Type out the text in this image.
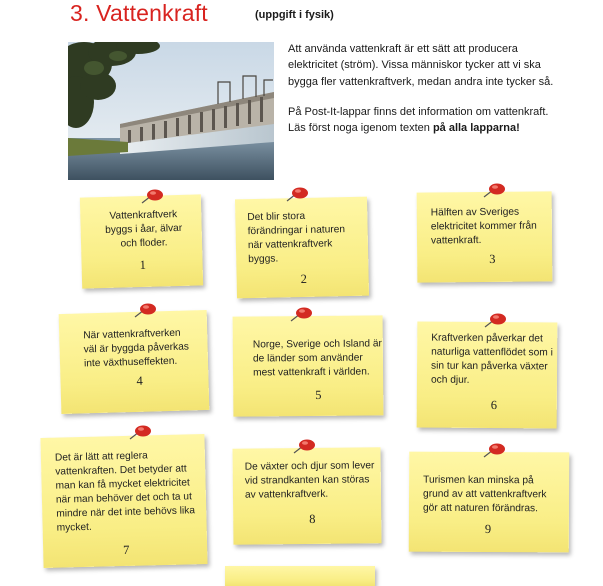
3. Vattenkraft	(uppgift i fysik)

Att använda vattenkraft är ett sätt att producera elektricitet (ström). Vissa människor tycker att vi ska bygga fler vattenkraftverk, medan andra inte tycker så.

På Post-It-lappar finns det information om vattenkraft. Läs först noga igenom texten på alla lapparna!

Vattenkraftverk byggs i åar, älvar och floder.
1
Det blir stora förändringar i naturen när vattenkraftverk byggs.
2
Hälften av Sveriges elektricitet kommer från vattenkraft.
3
När vattenkraftverken väl är byggda påverkas inte växthuseffekten.
4
Norge, Sverige och Island är de länder som använder mest vattenkraft i världen.
5
Kraftverken påverkar det naturliga vattenflödet som i sin tur kan påverka växter och djur.
6
Det är lätt att reglera vattenkraften. Det betyder att man kan få mycket elektricitet när man behöver det och ta ut mindre när det inte behövs lika mycket.
7
De växter och djur som lever vid strandkanten kan störas av vattenkraftverk.
8
Turismen kan minska på grund av att vattenkraftverk gör att naturen förändras.
9
